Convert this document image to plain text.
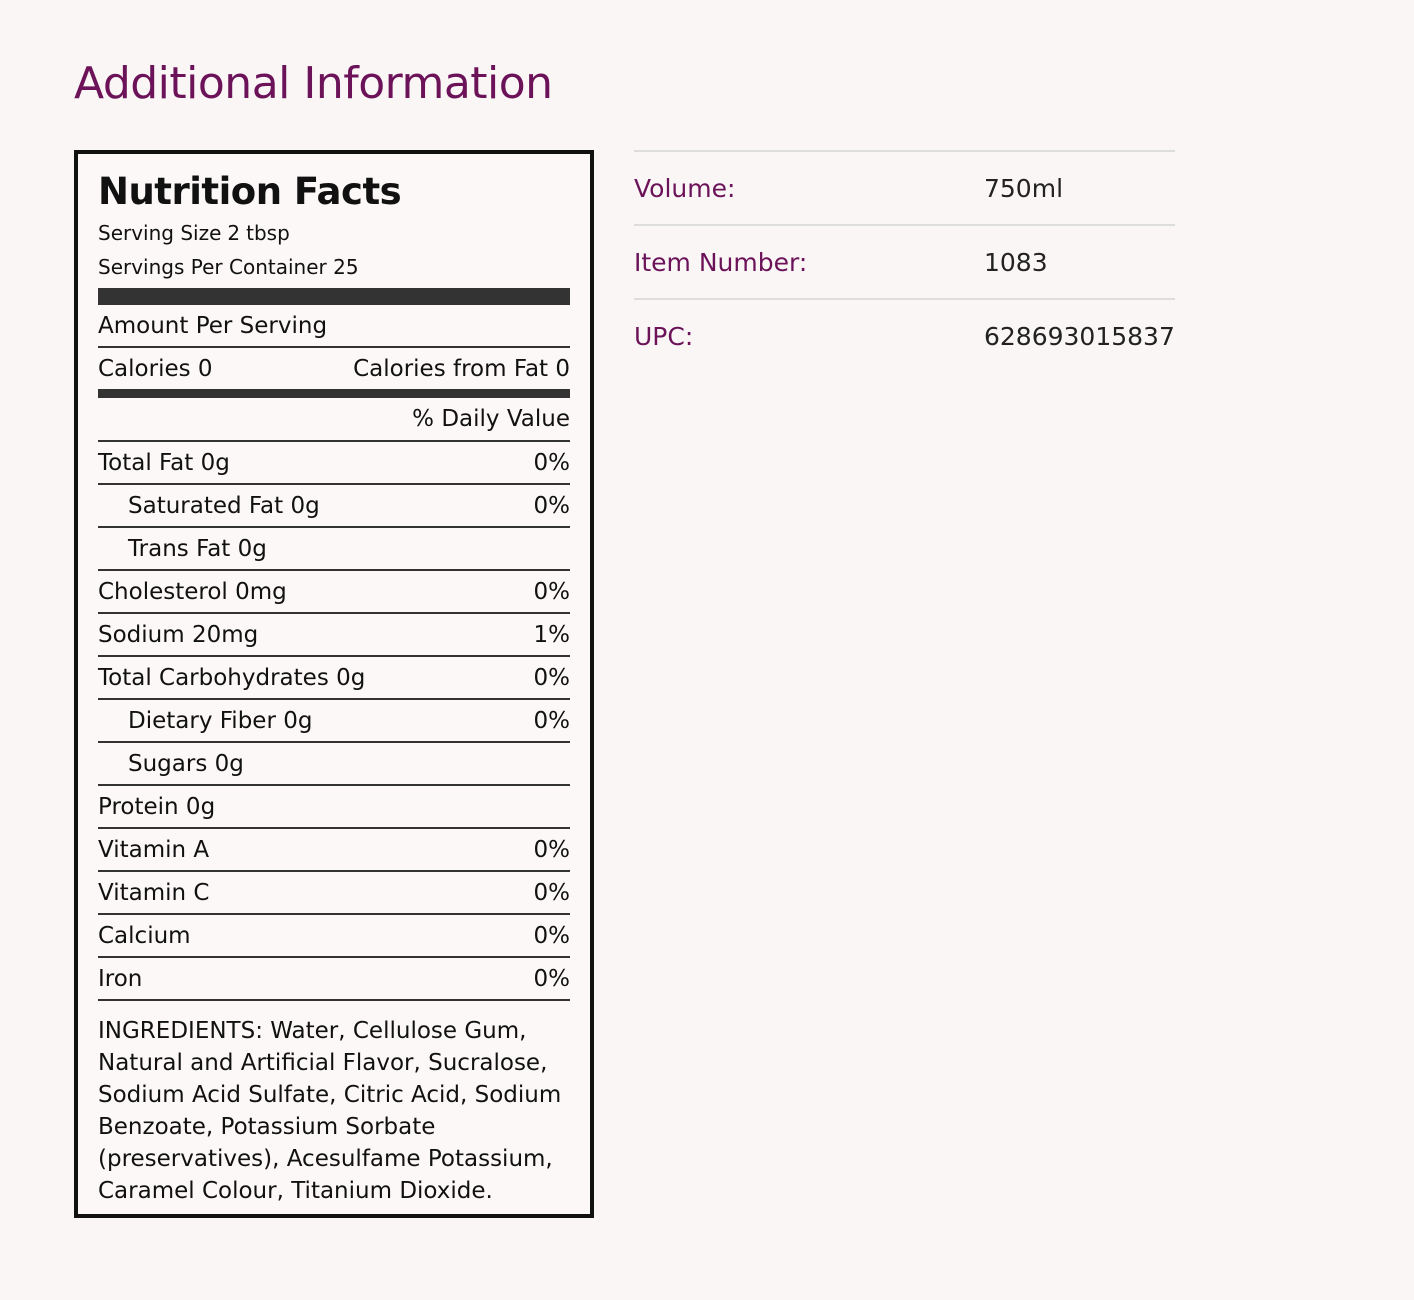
Additional Information
Nutrition Facts
Serving Size 2 tbsp
Servings Per Container 25
Amount Per Serving
Calories 0	Calories from Fat 0
% Daily Value
Total Fat 0g	0%
Saturated Fat 0g	0%
Trans Fat 0g
Cholesterol 0mg	0%
Sodium 20mg	1%
Total Carbohydrates 0g	0%
Dietary Fiber 0g	0%
Sugars 0g
Protein 0g
Vitamin A	0%
Vitamin C	0%
Calcium	0%
Iron	0%
INGREDIENTS: Water, Cellulose Gum, Natural and Artificial Flavor, Sucralose, Sodium Acid Sulfate, Citric Acid, Sodium Benzoate, Potassium Sorbate (preservatives), Acesulfame Potassium, Caramel Colour, Titanium Dioxide.
Volume:	750ml
Item Number:	1083
UPC:	628693015837
